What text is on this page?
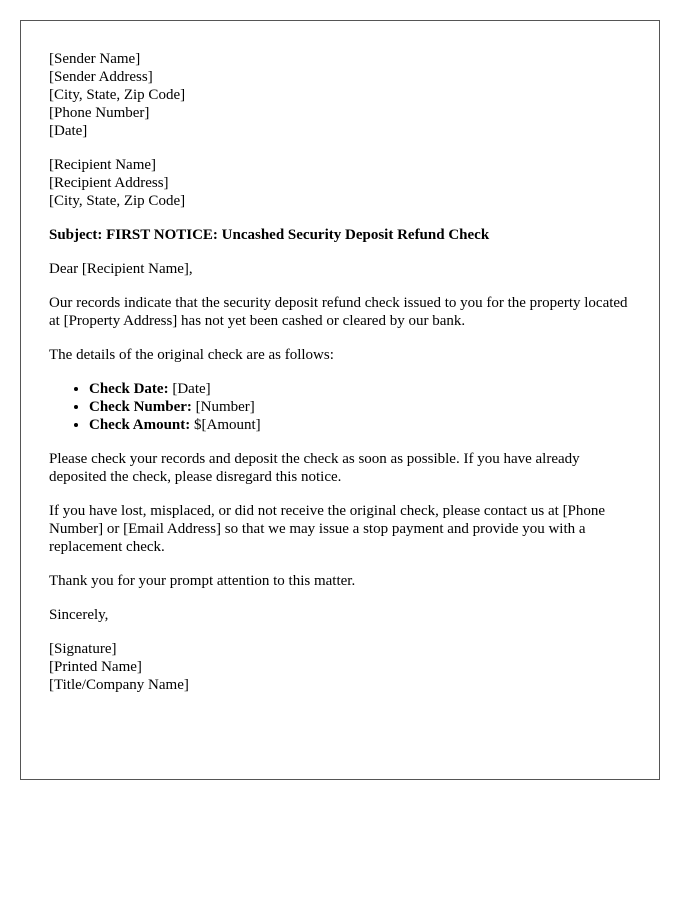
[Sender Name]
[Sender Address]
[City, State, Zip Code]
[Phone Number]
[Date]
[Recipient Name]
[Recipient Address]
[City, State, Zip Code]

Subject: FIRST NOTICE: Uncashed Security Deposit Refund Check

Dear [Recipient Name],

Our records indicate that the security deposit refund check issued to you for the property located at [Property Address] has not yet been cashed or cleared by our bank.

The details of the original check are as follows:

• Check Date: [Date]
• Check Number: [Number]
• Check Amount: $[Amount]

Please check your records and deposit the check as soon as possible. If you have already deposited the check, please disregard this notice.

If you have lost, misplaced, or did not receive the original check, please contact us at [Phone Number] or [Email Address] so that we may issue a stop payment and provide you with a replacement check.

Thank you for your prompt attention to this matter.

Sincerely,

[Signature]
[Printed Name]
[Title/Company Name]
